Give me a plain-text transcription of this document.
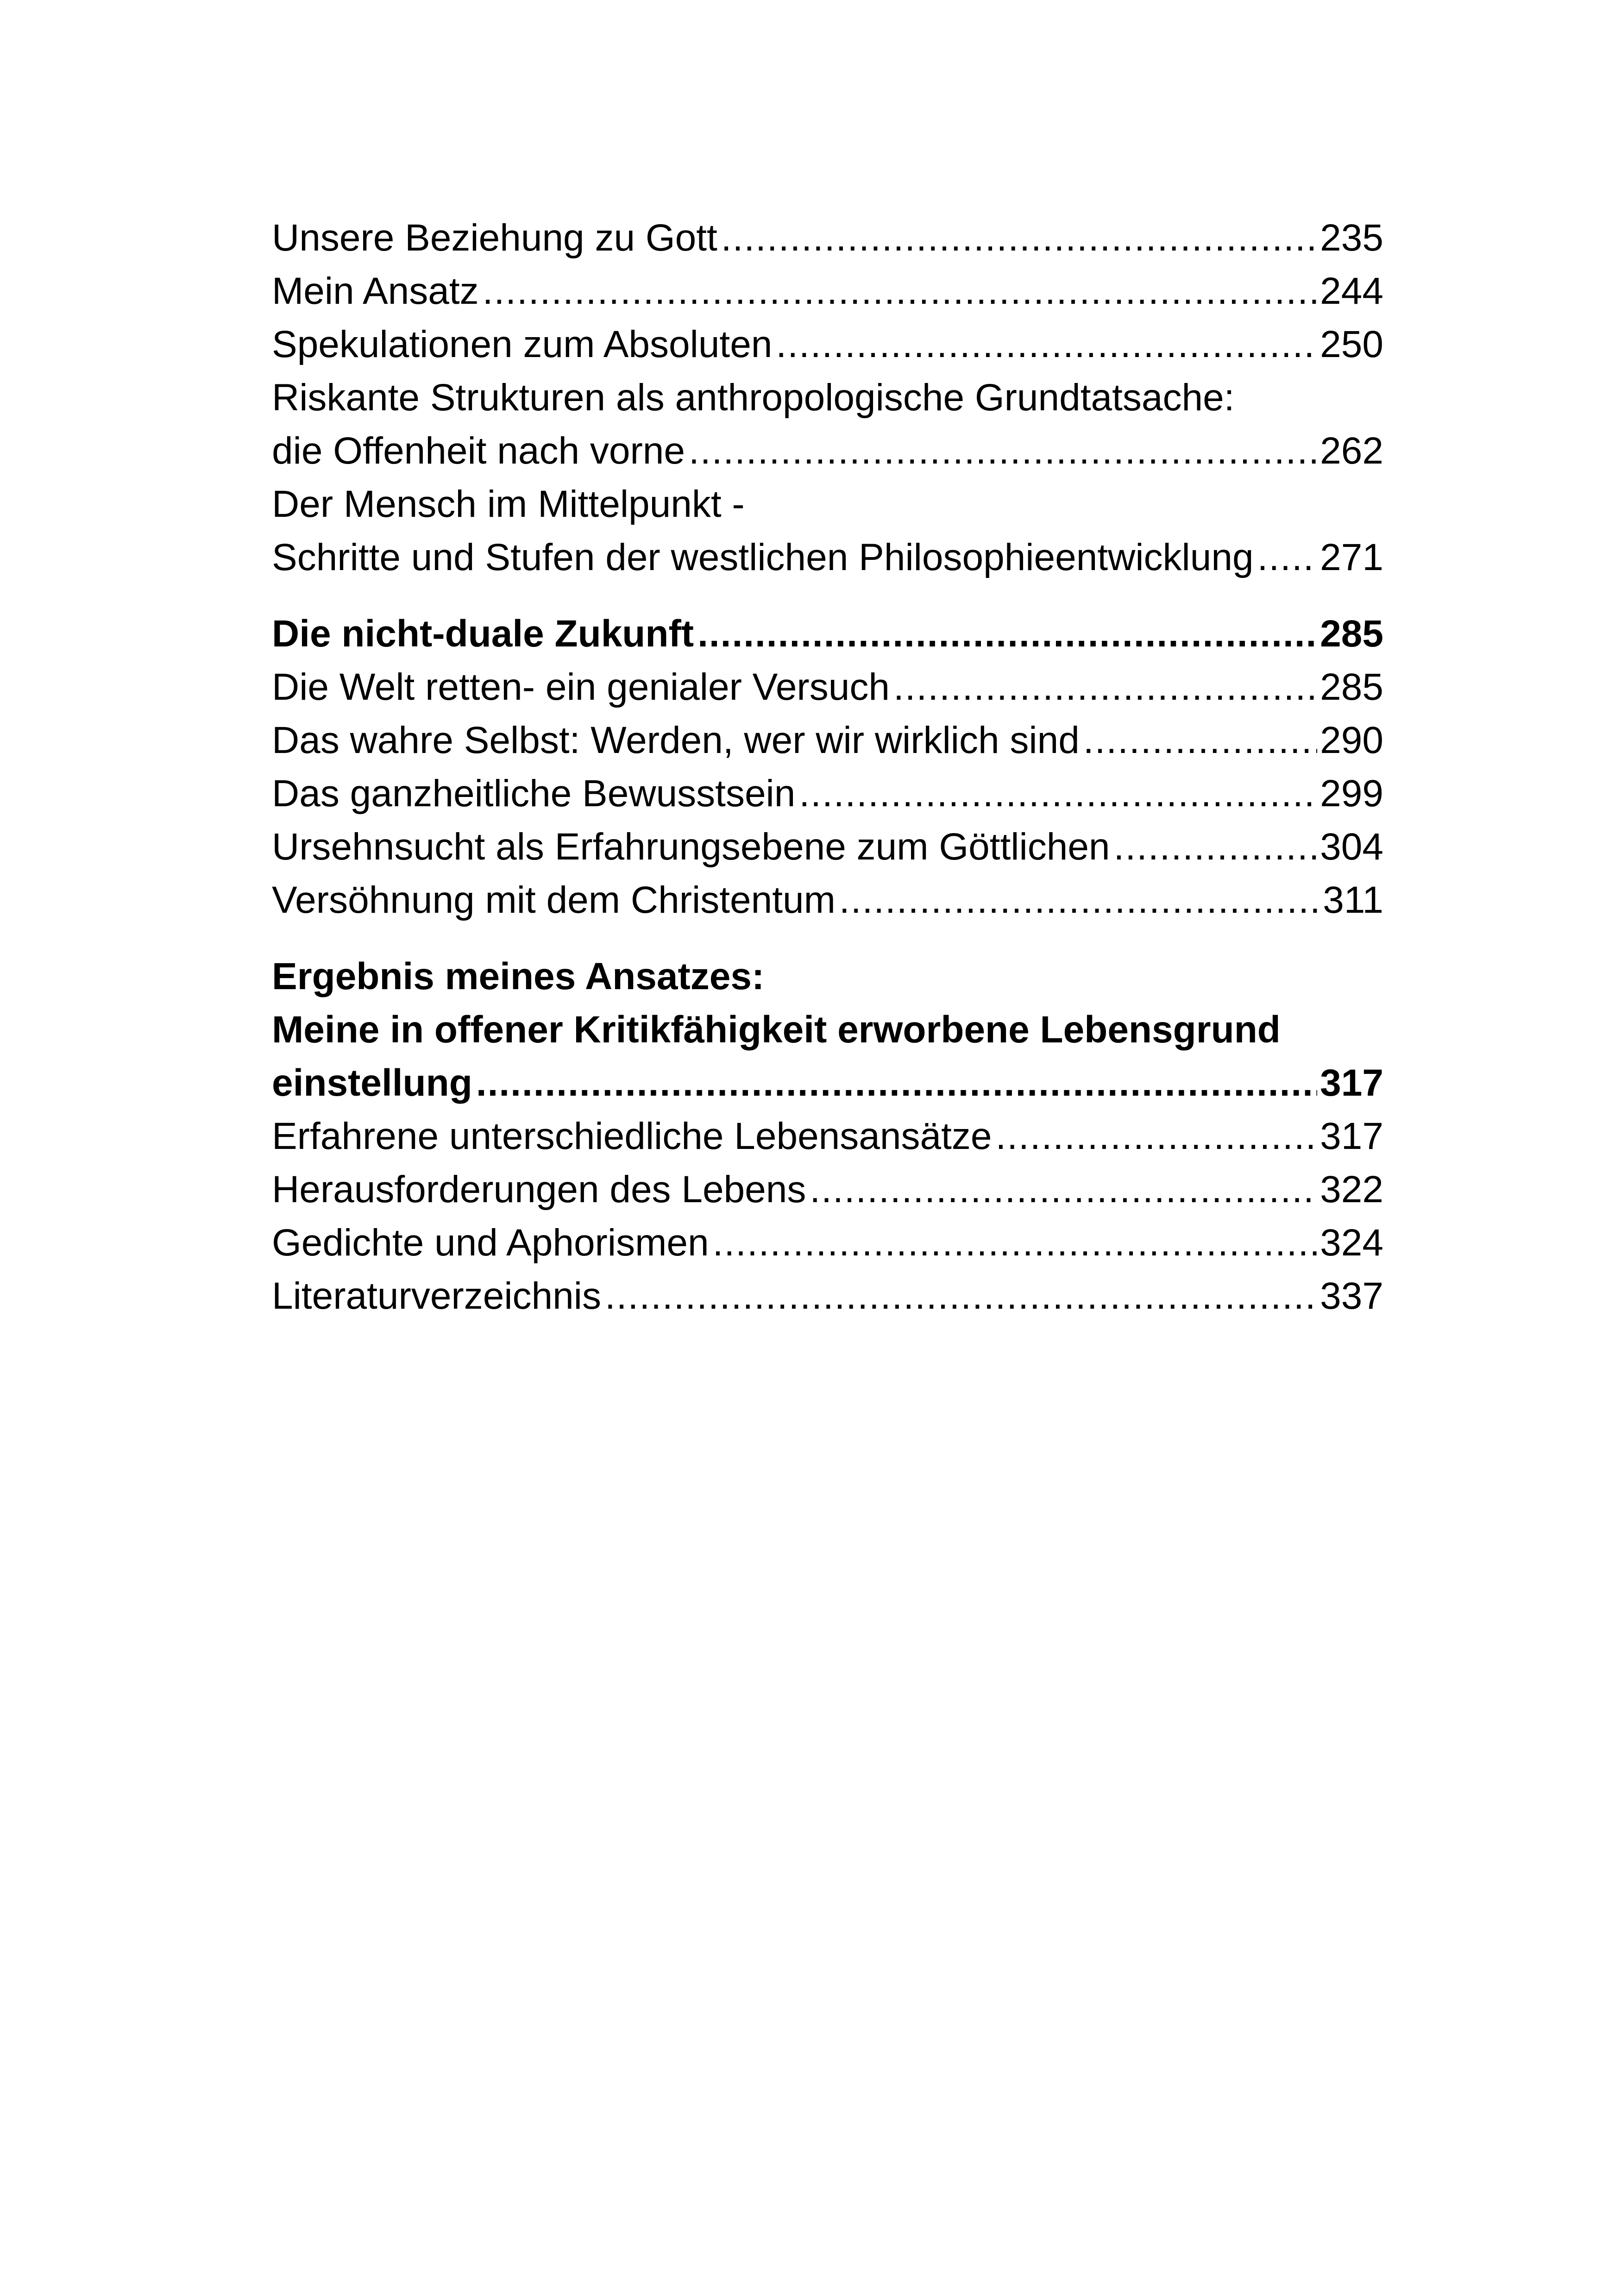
Unsere Beziehung zu Gott .....	235
Mein Ansatz .....	244
Spekulationen zum Absoluten .....	250
Riskante Strukturen als anthropologische Grundtatsache:
die Offenheit nach vorne .....	262
Der Mensch im Mittelpunkt -
Schritte und Stufen der westlichen Philosophieentwicklung ..... 271
Die nicht-duale Zukunft .....	285
Die Welt retten- ein genialer Versuch .....	285
Das wahre Selbst: Werden, wer wir wirklich sind .....	290
Das ganzheitliche Bewusstsein .....	299
Ursehnsucht als Erfahrungsebene zum Göttlichen .....	304
Versöhnung mit dem Christentum .....	311
Ergebnis meines Ansatzes:
Meine in offener Kritikfähigkeit erworbene Lebensgrund
einstellung .....	317
Erfahrene unterschiedliche Lebensansätze .....	317
Herausforderungen des Lebens .....	322
Gedichte und Aphorismen .....	324
Literaturverzeichnis .....	337
